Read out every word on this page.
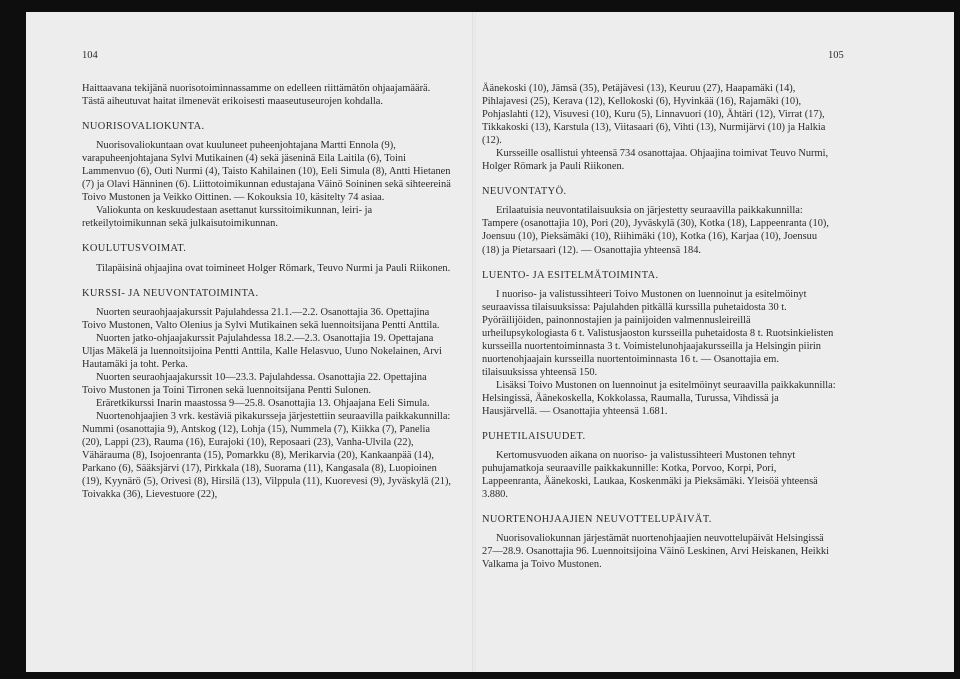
104

Haittaavana tekijänä nuorisotoiminnassamme on edelleen riittämätön ohjaajamäärä. Tästä aiheutuvat haitat ilmenevät erikoisesti maaseutuseurojen kohdalla.

NUORISOVALIOKUNTA.

Nuorisovaliokuntaan ovat kuuluneet puheenjohtajana Martti Ennola (9), varapuheenjohtajana Sylvi Mutikainen (4) sekä jäseninä Eila Laitila (6), Toini Lammenvuo (6), Outi Nurmi (4), Taisto Kahilainen (10), Eeli Simula (8), Antti Hietanen (7) ja Olavi Hänninen (6). Liittotoimikunnan edustajana Väinö Soininen sekä sihteereinä Toivo Mustonen ja Veikko Oittinen. — Kokouksia 10, käsitelty 74 asiaa.

Valiokunta on keskuudestaan asettanut kurssitoimikunnan, leiri- ja retkeilytoimikunnan sekä julkaisutoimikunnan.

KOULUTUSVOIMAT.

Tilapäisinä ohjaajina ovat toimineet Holger Römark, Teuvo Nurmi ja Pauli Riikonen.

KURSSI- JA NEUVONTATOIMINTA.

Nuorten seuraohjaajakurssit Pajulahdessa 21.1.—2.2. Osanottajia 36. Opettajina Toivo Mustonen, Valto Olenius ja Sylvi Mutikainen sekä luennoitsijana Pentti Anttila.

Nuorten jatko-ohjaajakurssit Pajulahdessa 18.2.—2.3. Osanottajia 19. Opettajana Uljas Mäkelä ja luennoitsijoina Pentti Anttila, Kalle Helasvuo, Uuno Nokelainen, Arvi Hautamäki ja toht. Perka.

Nuorten seuraohjaajakurssit 10—23.3. Pajulahdessa. Osanottajia 22. Opettajina Toivo Mustonen ja Toini Tirronen sekä luennoitsijana Pentti Sulonen.

Eräretkikurssi Inarin maastossa 9—25.8. Osanottajia 13. Ohjaajana Eeli Simula.

Nuortenohjaajien 3 vrk. kestäviä pikakursseja järjestettiin seuraavilla paikkakunnilla: Nummi (osanottajia 9), Antskog (12), Lohja (15), Nummela (7), Kiikka (7), Panelia (20), Lappi (23), Rauma (16), Eurajoki (10), Reposaari (23), Vanha-Ulvila (22), Vähärauma (8), Isojoenranta (15), Pomarkku (8), Merikarvia (20), Kankaanpää (14), Parkano (6), Sääksjärvi (17), Pirkkala (18), Suorama (11), Kangasala (8), Luopioinen (19), Kyynärö (5), Orivesi (8), Hirsilä (13), Vilppula (11), Kuorevesi (9), Jyväskylä (21), Toivakka (36), Lievestuore (22),

105

Äänekoski (10), Jämsä (35), Petäjävesi (13), Keuruu (27), Haapamäki (14), Pihlajavesi (25), Kerava (12), Kellokoski (6), Hyvinkää (16), Rajamäki (10), Pohjaslahti (12), Visuvesi (10), Kuru (5), Linnavuori (10), Ähtäri (12), Virrat (17), Tikkakoski (13), Karstula (13), Viitasaari (6), Vihti (13), Nurmijärvi (10) ja Halkia (12).

Kursseille osallistui yhteensä 734 osanottajaa. Ohjaajina toimivat Teuvo Nurmi, Holger Römark ja Pauli Riikonen.

NEUVONTATYÖ.

Erilaatuisia neuvontatilaisuuksia on järjestetty seuraavilla paikkakunnilla: Tampere (osanottajia 10), Pori (20), Jyväskylä (30), Kotka (18), Lappeenranta (10), Joensuu (10), Pieksämäki (10), Riihimäki (10), Kotka (16), Karjaa (10), Joensuu (18) ja Pietarsaari (12). — Osanottajia yhteensä 184.

LUENTO- JA ESITELMÄTOIMINTA.

I nuoriso- ja valistussihteeri Toivo Mustonen on luennoinut ja esitelmöinyt seuraavissa tilaisuuksissa: Pajulahden pitkällä kurssilla puhetaidosta 30 t. Pyöräilijöiden, painonnostajien ja painijoiden valmennusleireillä urheilupsykologiasta 6 t. Valistusjaoston kursseilla puhetaidosta 8 t. Ruotsinkielisten kursseilla nuortentoiminnasta 3 t. Voimistelunohjaajakursseilla ja Helsingin piirin nuortenohjaajain kursseilla nuortentoiminnasta 16 t. — Osanottajia em. tilaisuuksissa yhteensä 150.

Lisäksi Toivo Mustonen on luennoinut ja esitelmöinyt seuraavilla paikkakunnilla: Helsingissä, Äänekoskella, Kokkolassa, Raumalla, Turussa, Vihdissä ja Hausjärvellä. — Osanottajia yhteensä 1.681.

PUHETILAISUUDET.

Kertomusvuoden aikana on nuoriso- ja valistussihteeri Mustonen tehnyt puhujamatkoja seuraaville paikkakunnille: Kotka, Porvoo, Korpi, Pori, Lappeenranta, Äänekoski, Laukaa, Koskenmäki ja Pieksämäki. Yleisöä yhteensä 3.880.

NUORTENOHJAAJIEN NEUVOTTELUPÄIVÄT.

Nuorisovaliokunnan järjestämät nuortenohjaajien neuvottelupäivät Helsingissä 27—28.9. Osanottajia 96. Luennoitsijoina Väinö Leskinen, Arvi Heiskanen, Heikki Valkama ja Toivo Mustonen.
